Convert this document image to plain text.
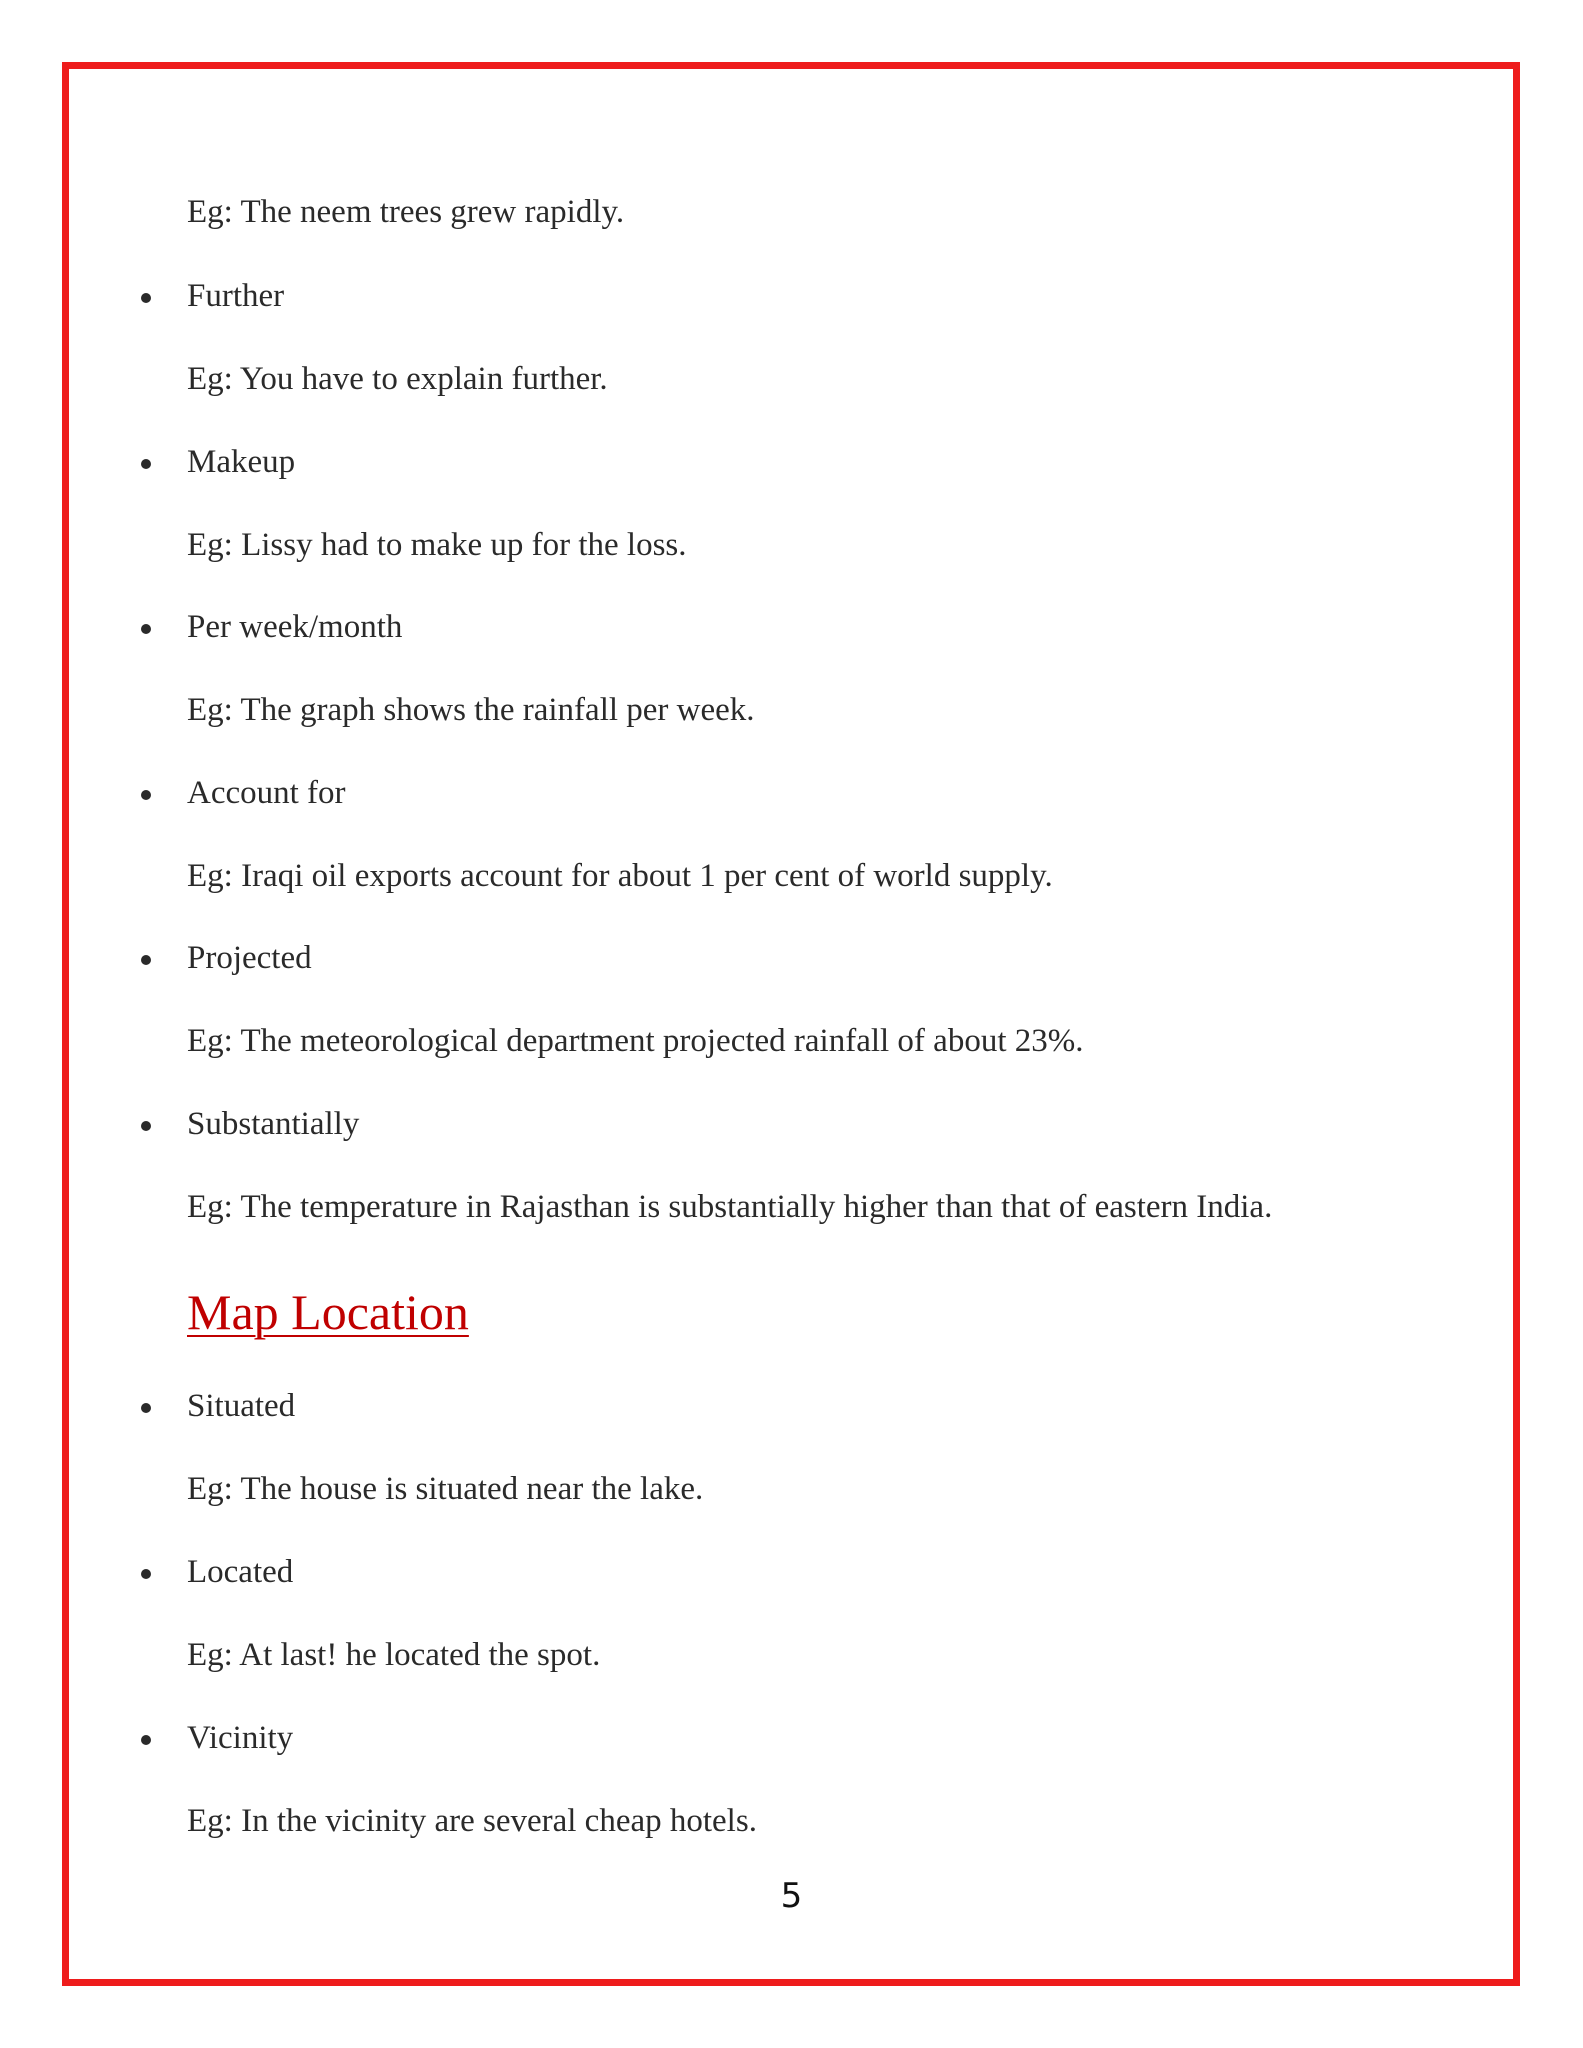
Eg: The neem trees grew rapidly.
Further
Eg: You have to explain further.
Makeup
Eg: Lissy had to make up for the loss.
Per week/month
Eg: The graph shows the rainfall per week.
Account for
Eg: Iraqi oil exports account for about 1 per cent of world supply.
Projected
Eg: The meteorological department projected rainfall of about 23%.
Substantially
Eg: The temperature in Rajasthan is substantially higher than that of eastern India.
Map Location
Situated
Eg: The house is situated near the lake.
Located
Eg: At last! he located the spot.
Vicinity
Eg: In the vicinity are several cheap hotels.
5
